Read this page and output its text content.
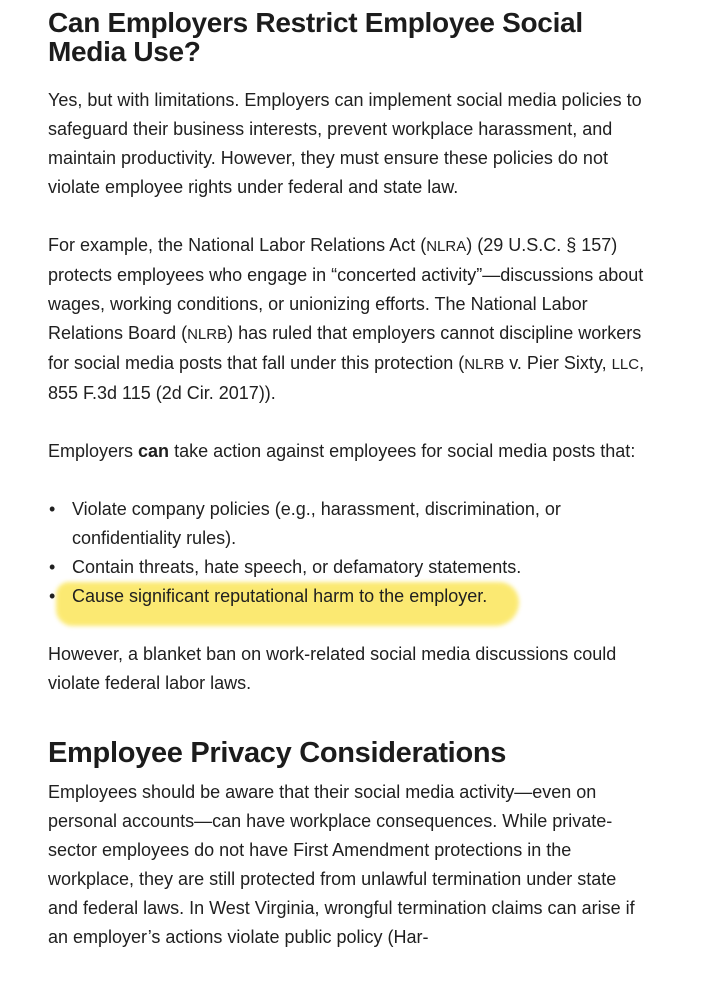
Can Employers Restrict Employee Social Media Use?

Yes, but with limitations. Employers can implement social media policies to safeguard their business interests, prevent workplace harassment, and maintain productivity. However, they must ensure these policies do not violate employee rights under federal and state law.

For example, the National Labor Relations Act (NLRA) (29 U.S.C. § 157) protects employees who engage in “concerted activity”—discussions about wages, working conditions, or unionizing efforts. The National Labor Relations Board (NLRB) has ruled that employers cannot discipline workers for social media posts that fall under this protection (NLRB v. Pier Sixty, LLC, 855 F.3d 115 (2d Cir. 2017)).

Employers can take action against employees for social media posts that:

• Violate company policies (e.g., harassment, discrimination, or confidentiality rules).
• Contain threats, hate speech, or defamatory statements.
• Cause significant reputational harm to the employer.

However, a blanket ban on work-related social media discussions could violate federal labor laws.

Employee Privacy Considerations

Employees should be aware that their social media activity—even on personal accounts—can have workplace consequences. While private-sector employees do not have First Amendment protections in the workplace, they are still protected from unlawful termination under state and federal laws. In West Virginia, wrongful termination claims can arise if an employer’s actions violate public policy (Har-
